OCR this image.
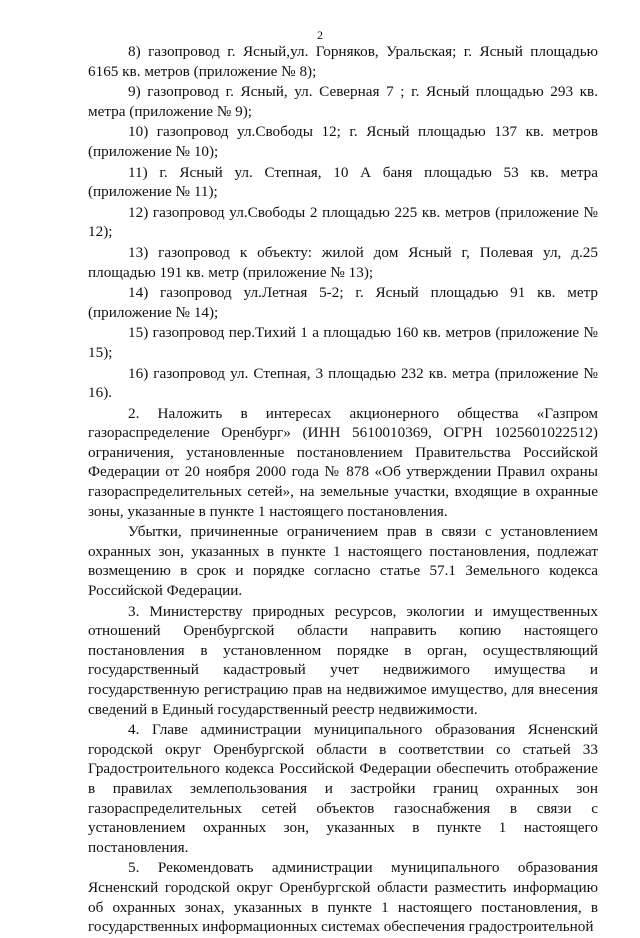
2

8) газопровод г. Ясный,ул. Горняков, Уральская; г. Ясный площадью 6165 кв. метров (приложение № 8);

9) газопровод г. Ясный, ул. Северная 7 ; г. Ясный площадью 293 кв. метра (приложение № 9);

10) газопровод ул.Свободы 12; г. Ясный площадью 137 кв. метров (приложение № 10);

11) г. Ясный ул. Степная, 10 А баня площадью 53 кв. метра (приложение № 11);

12) газопровод ул.Свободы 2 площадью 225 кв. метров (приложение № 12);

13) газопровод к объекту: жилой дом Ясный г, Полевая ул, д.25 площадью 191 кв. метр (приложение № 13);

14) газопровод ул.Летная 5-2; г. Ясный площадью 91 кв. метр (приложение № 14);

15) газопровод пер.Тихий 1 а площадью 160 кв. метров (приложение № 15);

16) газопровод ул. Степная, 3 площадью 232 кв. метра (приложение № 16).

2. Наложить в интересах акционерного общества «Газпром газораспределение Оренбург» (ИНН 5610010369, ОГРН 1025601022512) ограничения, установленные постановлением Правительства Российской Федерации от 20 ноября 2000 года № 878 «Об утверждении Правил охраны газораспределительных сетей», на земельные участки, входящие в охранные зоны, указанные в пункте 1 настоящего постановления.

Убытки, причиненные ограничением прав в связи с установлением охранных зон, указанных в пункте 1 настоящего постановления, подлежат возмещению в срок и порядке согласно статье 57.1 Земельного кодекса Российской Федерации.

3. Министерству природных ресурсов, экологии и имущественных отношений Оренбургской области направить копию настоящего постановления в установленном порядке в орган, осуществляющий государственный кадастровый учет недвижимого имущества и государственную регистрацию прав на недвижимое имущество, для внесения сведений в Единый государственный реестр недвижимости.

4. Главе администрации муниципального образования Ясненский городской округ Оренбургской области в соответствии со статьей 33 Градостроительного кодекса Российской Федерации обеспечить отображение в правилах землепользования и застройки границ охранных зон газораспределительных сетей объектов газоснабжения в связи с установлением охранных зон, указанных в пункте 1 настоящего постановления.

5. Рекомендовать администрации муниципального образования Ясненский городской округ Оренбургской области разместить информацию об охранных зонах, указанных в пункте 1 настоящего постановления, в государственных информационных системах обеспечения градостроительной
